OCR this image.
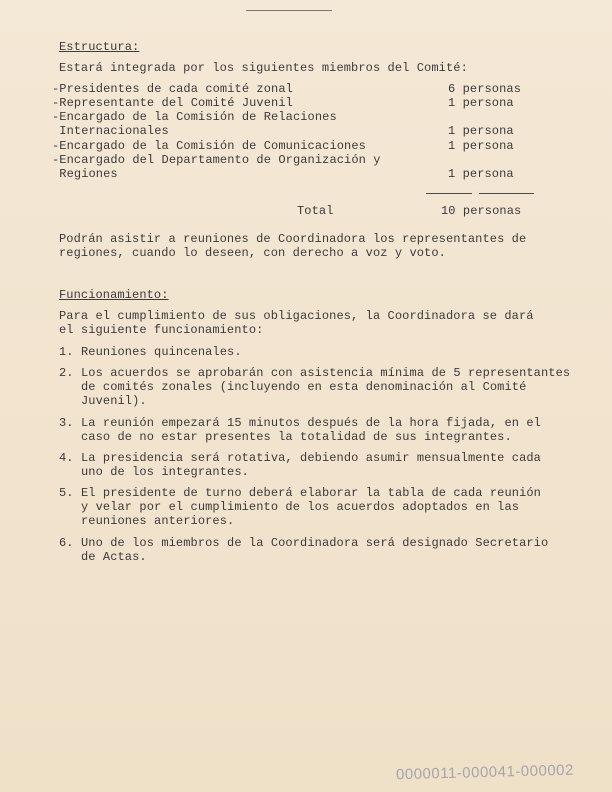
Estructura:
Estará integrada por los siguientes miembros del Comité:
-Presidentes de cada comité zonal	6 personas
-Representante del Comité Juvenil	1 persona
-Encargado de la Comisión de Relaciones
Internacionales	1 persona
-Encargado de la Comisión de Comunicaciones	1 persona
-Encargado del Departamento de Organización y
Regiones	1 persona
Total	10 personas
Podrán asistir a reuniones de Coordinadora los representantes de
regiones, cuando lo deseen, con derecho a voz y voto.
Funcionamiento:
Para el cumplimiento de sus obligaciones, la Coordinadora se dará
el siguiente funcionamiento:
1. Reuniones quincenales.
2. Los acuerdos se aprobarán con asistencia mínima de 5 representantes
de comités zonales (incluyendo en esta denominación al Comité
Juvenil).
3. La reunión empezará 15 minutos después de la hora fijada, en el
caso de no estar presentes la totalidad de sus integrantes.
4. La presidencia será rotativa, debiendo asumir mensualmente cada
uno de los integrantes.
5. El presidente de turno deberá elaborar la tabla de cada reunión
y velar por el cumplimiento de los acuerdos adoptados en las
reuniones anteriores.
6. Uno de los miembros de la Coordinadora será designado Secretario
de Actas.
0000011-000041-000002
